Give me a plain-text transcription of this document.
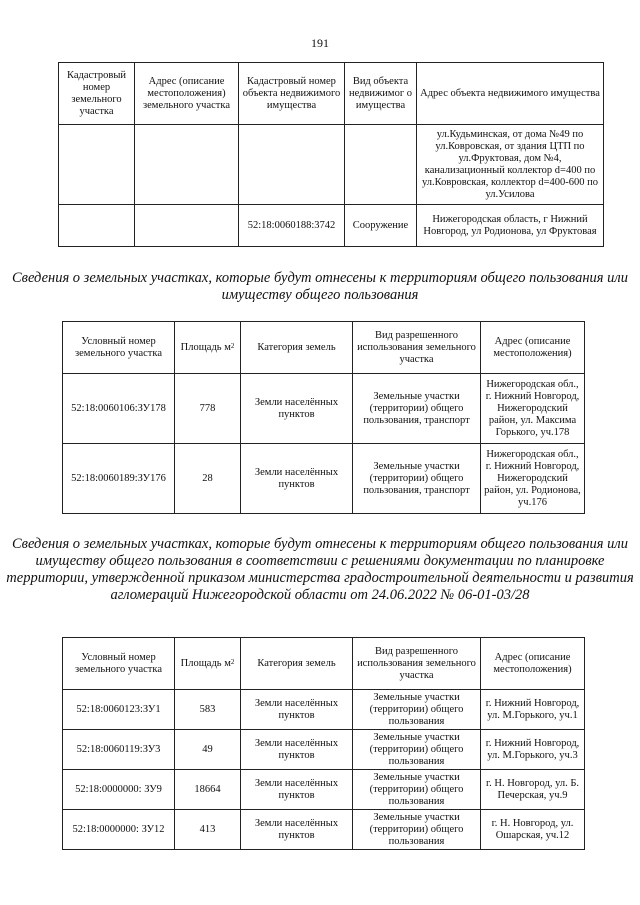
191
Кадастровый номер земельного участка	Адрес (описание местоположения) земельного участка	Кадастровый номер объекта недвижимого имущества	Вид объекта недвижимог о имущества	Адрес объекта недвижимого имущества
				ул.Кудьминская, от дома №49 по ул.Ковровская, от здания ЦТП по ул.Фруктовая, дом №4, канализационный коллектор d=400 по ул.Ковровская, коллектор d=400-600 по ул.Усилова
		52:18:0060188:3742	Сооружение	Нижегородская область, г Нижний Новгород, ул Родионова, ул Фруктовая
Сведения о земельных участках, которые будут отнесены к территориям общего пользования или имуществу общего пользования
Условный номер земельного участка	Площадь $м^2$	Категория земель	Вид разрешенного использования земельного участка	Адрес (описание местоположения)
52:18:0060106:ЗУ178	778	Земли населённых пунктов	Земельные участки (территории) общего пользования, транспорт	Нижегородская обл., г. Нижний Новгород, Нижегородский район, ул. Максима Горького, уч.178
52:18:0060189:ЗУ176	28	Земли населённых пунктов	Земельные участки (территории) общего пользования, транспорт	Нижегородская обл., г. Нижний Новгород, Нижегородский район, ул. Родионова, уч.176
Сведения о земельных участках, которые будут отнесены к территориям общего пользования или имуществу общего пользования в соответствии с решениями документации по планировке территории, утвержденной приказом министерства градостроительной деятельности и развития агломераций Нижегородской области от 24.06.2022 № 06-01-03/28
Условный номер земельного участка	Площадь $м^2$	Категория земель	Вид разрешенного использования земельного участка	Адрес (описание местоположения)
52:18:0060123:ЗУ1	583	Земли населённых пунктов	Земельные участки (территории) общего пользования	г. Нижний Новгород, ул. М.Горького, уч.1
52:18:0060119:ЗУ3	49	Земли населённых пунктов	Земельные участки (территории) общего пользования	г. Нижний Новгород, ул. М.Горького, уч.3
52:18:0000000: ЗУ9	18664	Земли населённых пунктов	Земельные участки (территории) общего пользования	г. Н. Новгород, ул. Б. Печерская, уч.9
52:18:0000000: ЗУ12	413	Земли населённых пунктов	Земельные участки (территории) общего пользования	г. Н. Новгород, ул. Ошарская, уч.12
